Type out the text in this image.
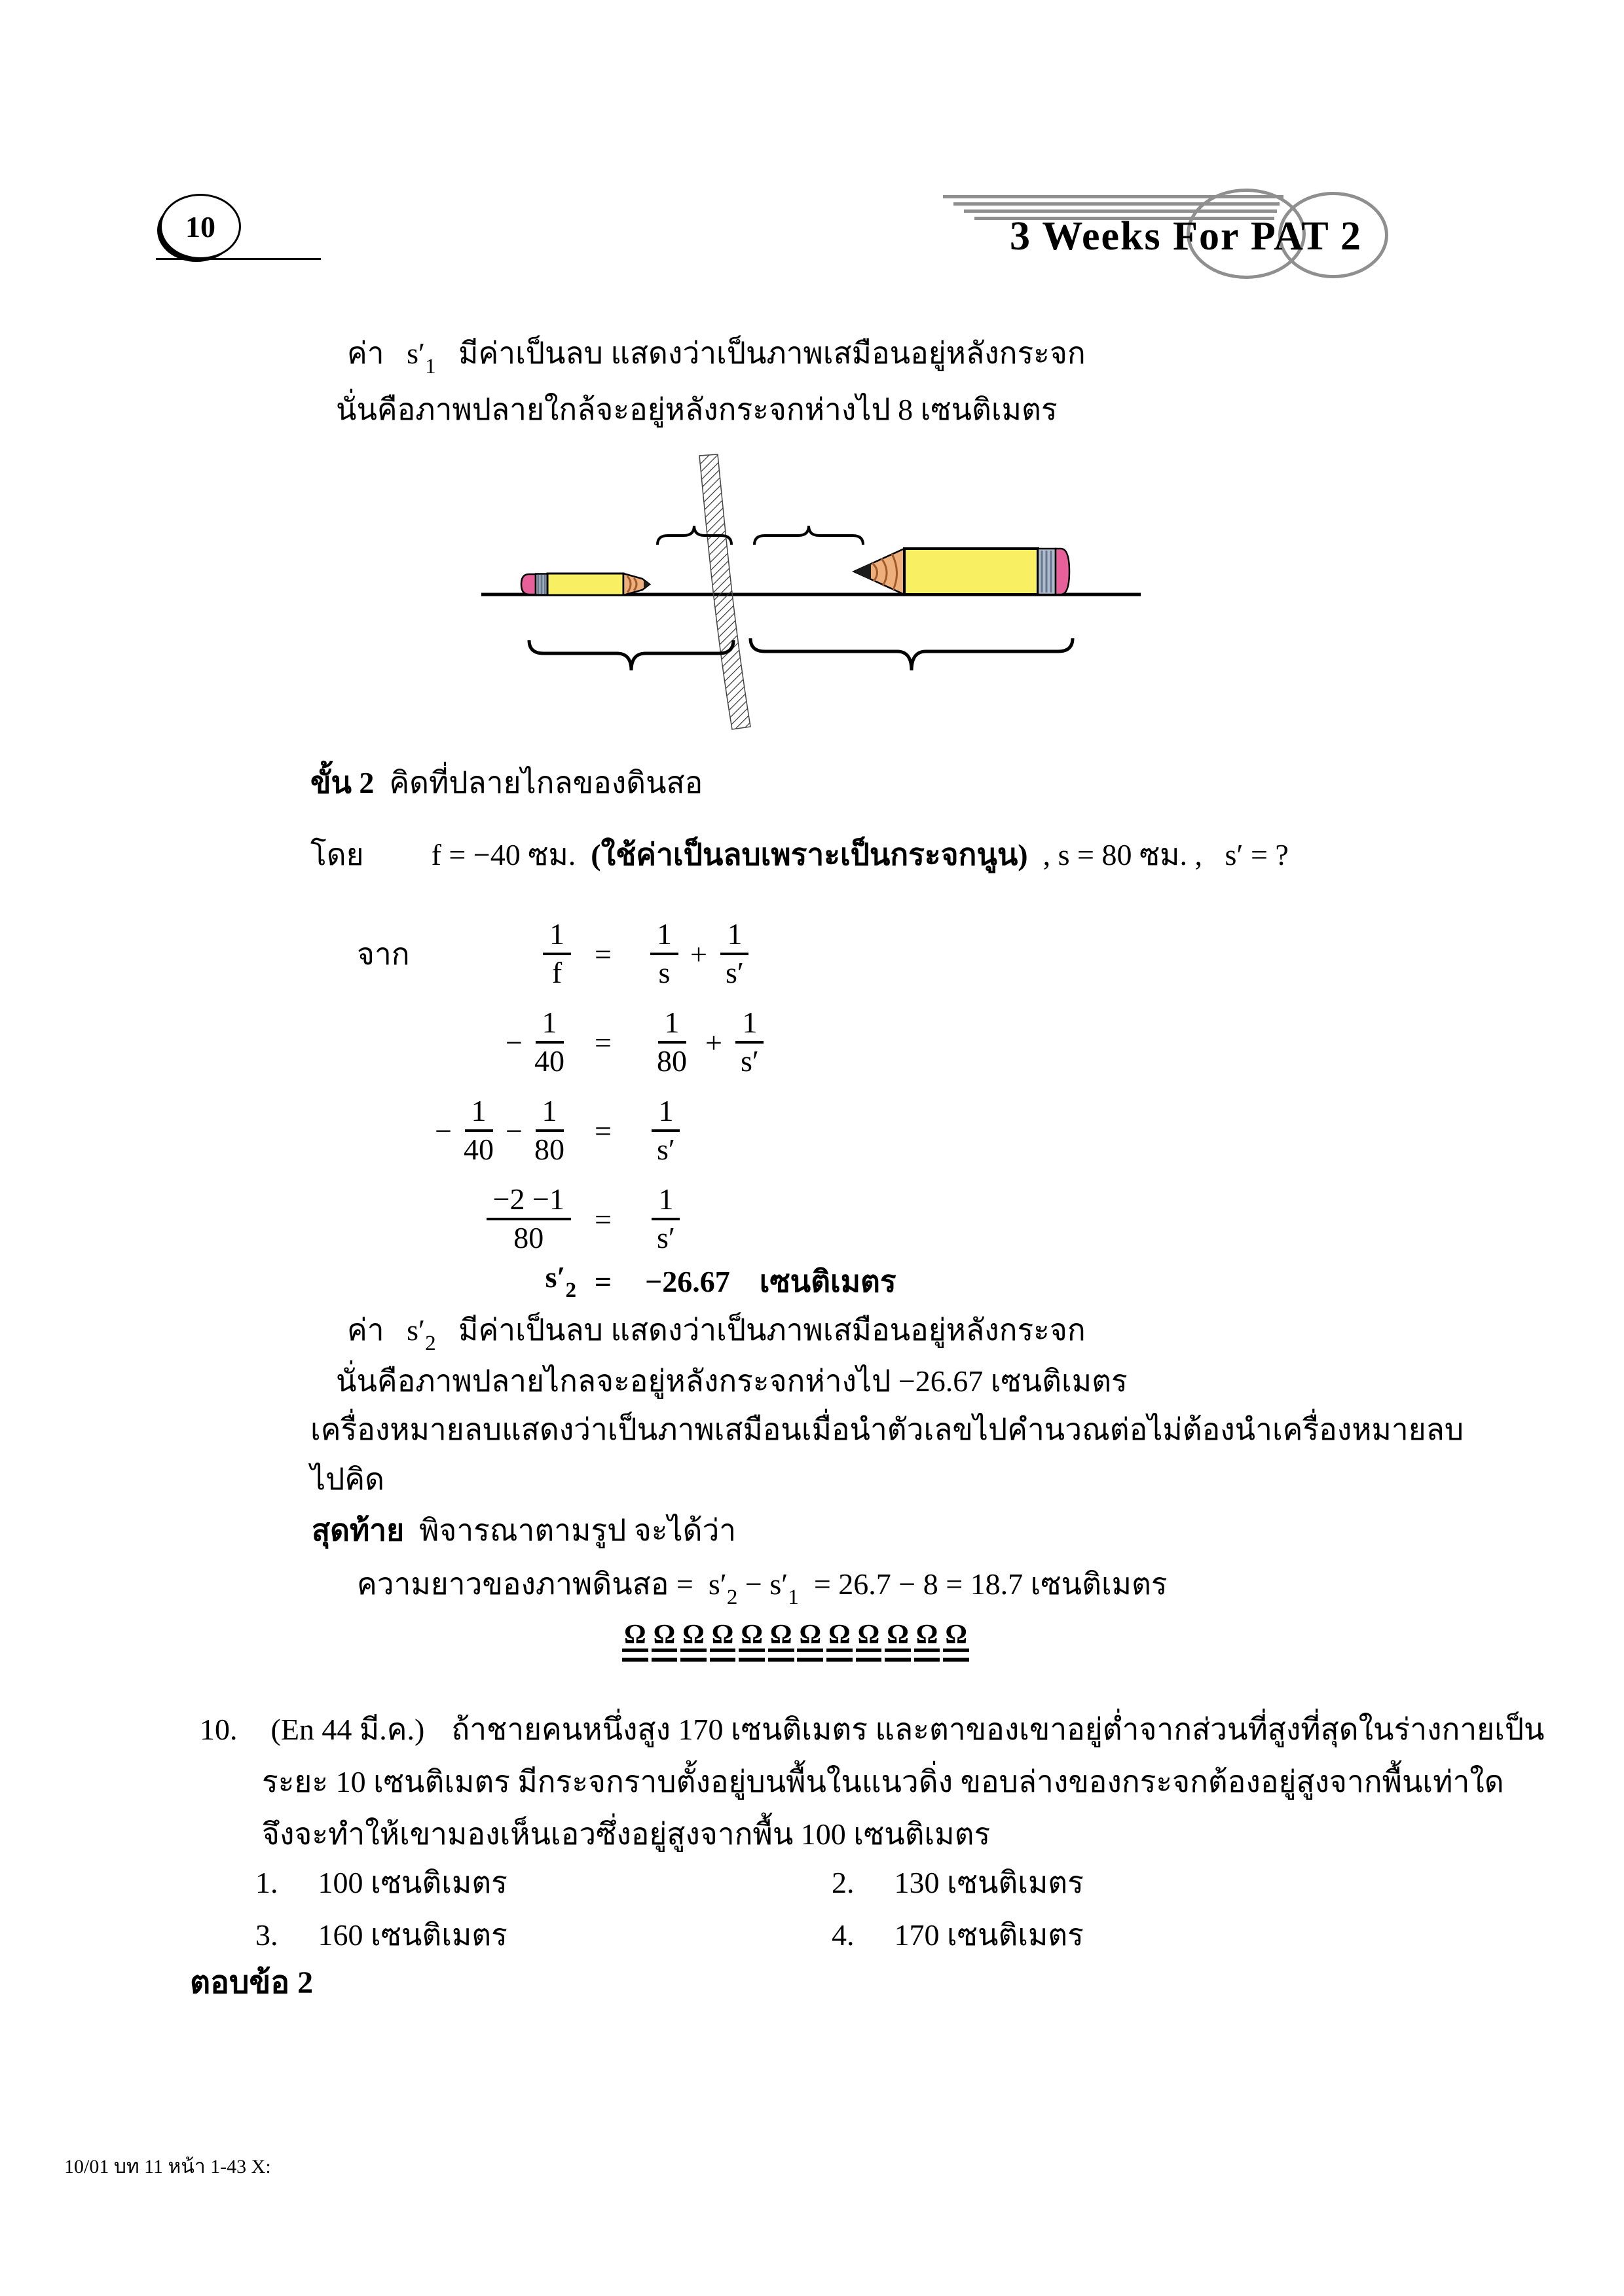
10	3 Weeks For PAT 2
ค่า $s'_1$ มีค่าเป็นลบ แสดงว่าเป็นภาพเสมือนอยู่หลังกระจก
นั่นคือภาพปลายใกล้จะอยู่หลังกระจกห่างไป 8 เซนติเมตร
ขั้น 2 คิดที่ปลายไกลของดินสอ
โดย f = −40 ซม. (ใช้ค่าเป็นลบเพราะเป็นกระจกนูน) , s = 80 ซม. , s′ = ?
จาก	$\frac{1}{f}$ =	$\frac{1}{s} + \frac{1}{s'}$
− $\frac{1}{40}$ =	$\frac{1}{80} + \frac{1}{s'}$
− $\frac{1}{40} - \frac{1}{80}$ =	$\frac{1}{s'}$
$\frac{-2 -1}{80}$ =	$\frac{1}{s'}$
$s'_2$ =	−26.67 เซนติเมตร
ค่า $s'_2$ มีค่าเป็นลบ แสดงว่าเป็นภาพเสมือนอยู่หลังกระจก
นั่นคือภาพปลายไกลจะอยู่หลังกระจกห่างไป −26.67 เซนติเมตร
เครื่องหมายลบแสดงว่าเป็นภาพเสมือนเมื่อนำตัวเลขไปคำนวณต่อไม่ต้องนำเครื่องหมายลบ
ไปคิด
สุดท้าย พิจารณาตามรูป จะได้ว่า
ความยาวของภาพดินสอ = $s'_2 - s'_1 = 26.7 - 8 = 18.7$ เซนติเมตร
Ω Ω Ω Ω Ω Ω Ω Ω Ω Ω Ω Ω
10. (En 44 มี.ค.) ถ้าชายคนหนึ่งสูง 170 เซนติเมตร และตาของเขาอยู่ต่ำจากส่วนที่สูงที่สุดในร่างกายเป็น
ระยะ 10 เซนติเมตร มีกระจกราบตั้งอยู่บนพื้นในแนวดิ่ง ขอบล่างของกระจกต้องอยู่สูงจากพื้นเท่าใด
จึงจะทำให้เขามองเห็นเอวซึ่งอยู่สูงจากพื้น 100 เซนติเมตร
1. 100 เซนติเมตร	2. 130 เซนติเมตร
3. 160 เซนติเมตร	4. 170 เซนติเมตร
ตอบข้อ 2
10/01 บท 11 หน้า 1-43 X:
